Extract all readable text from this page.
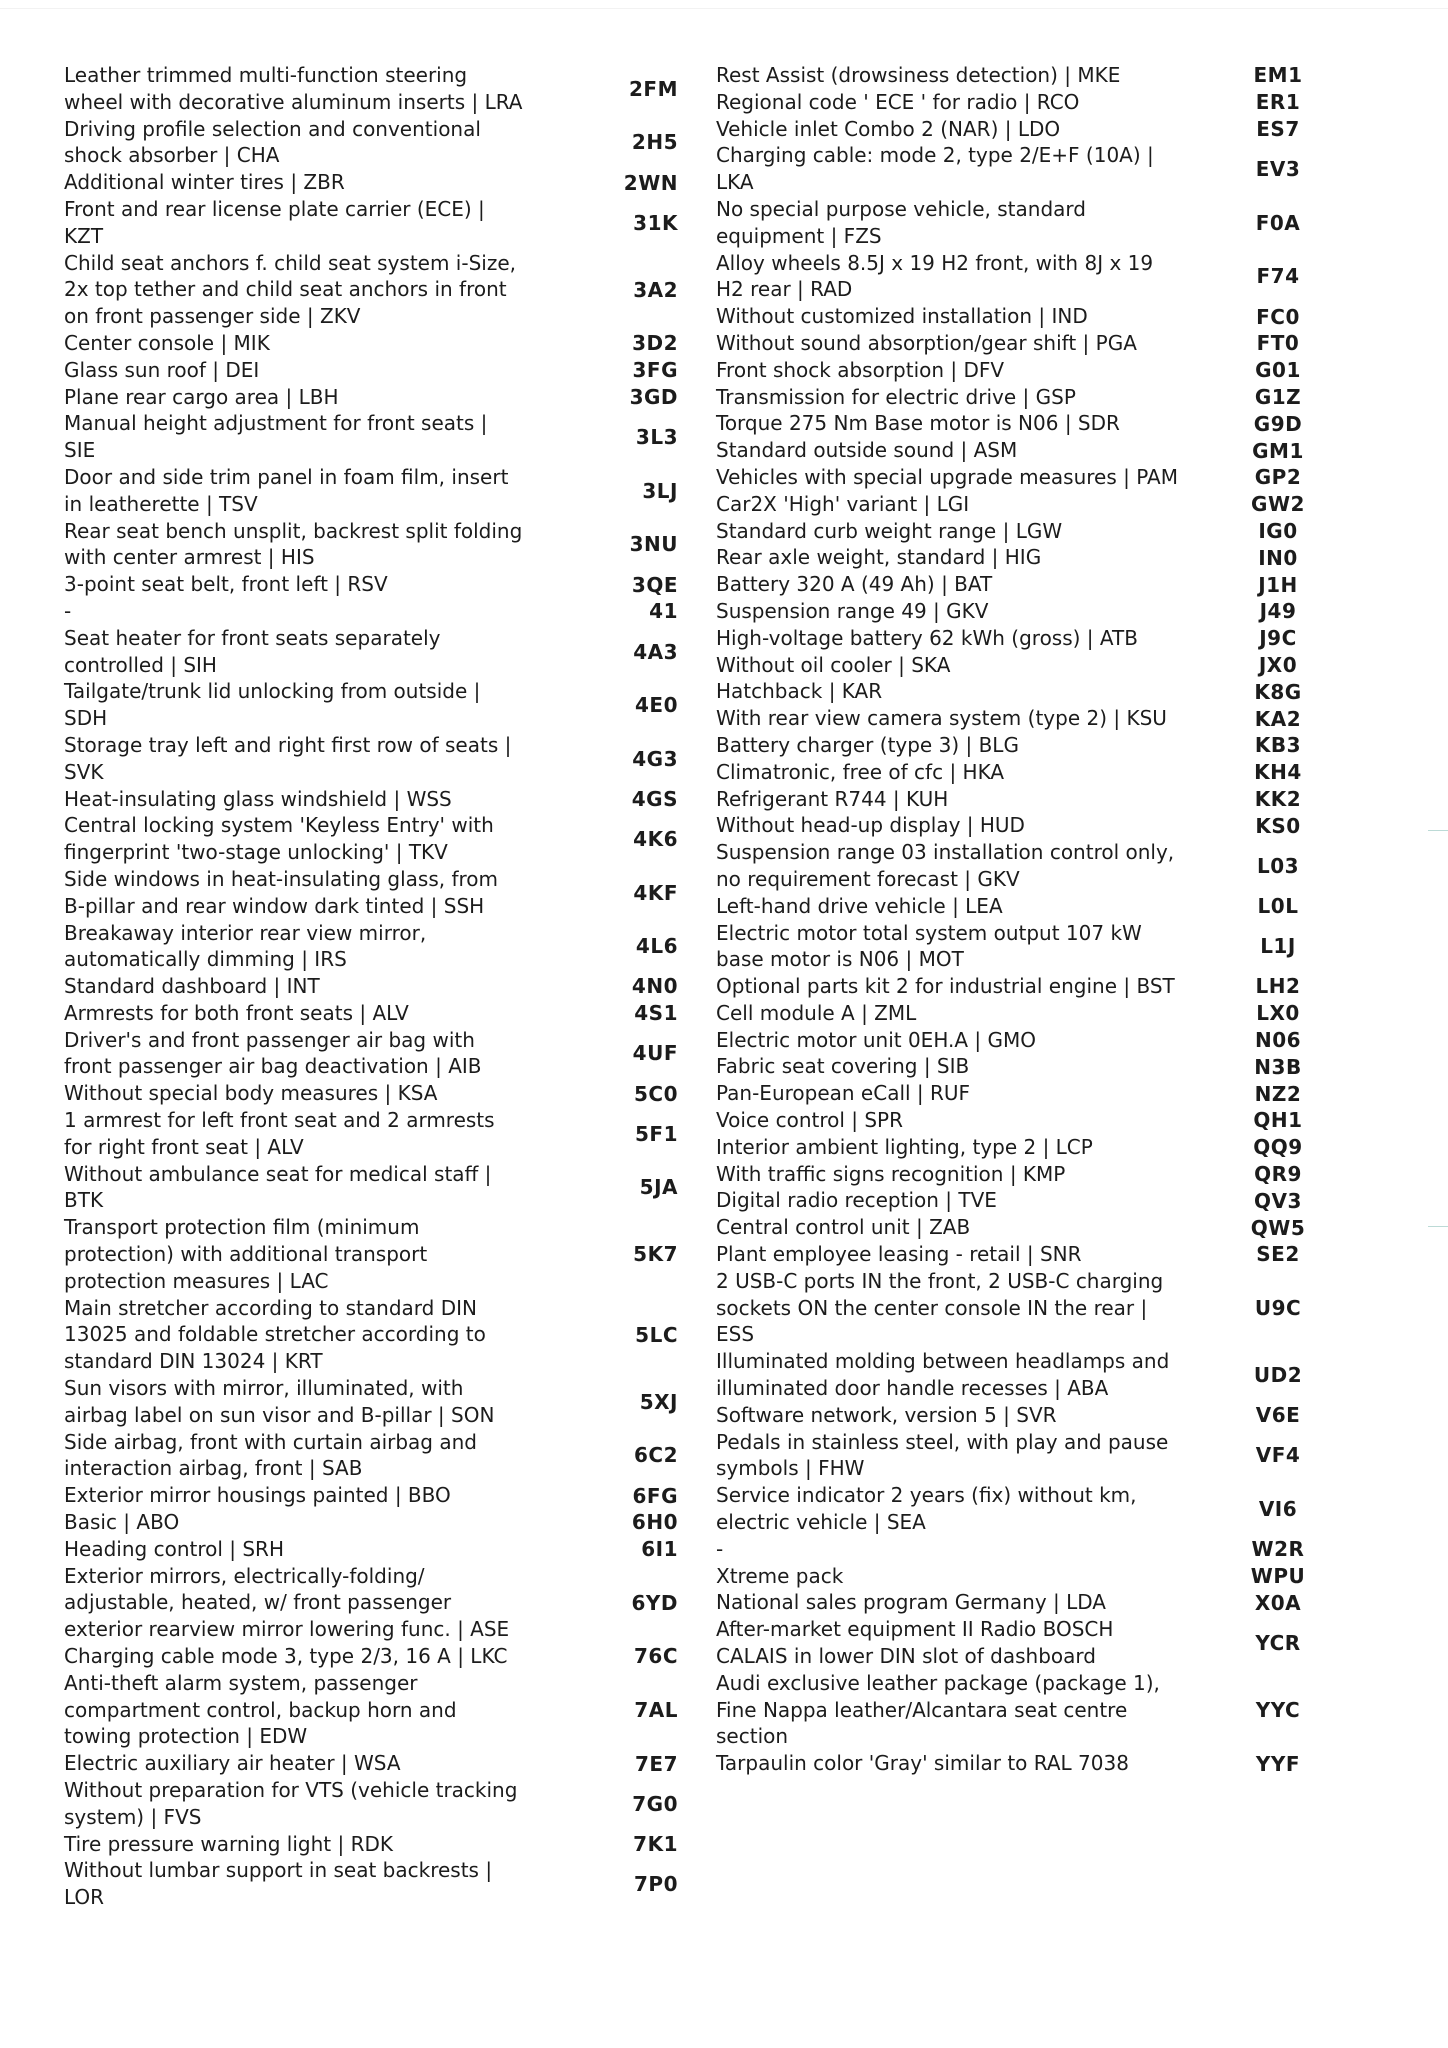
Leather trimmed multi-function steering wheel with decorative aluminum inserts | LRA
2FM
Driving profile selection and conventional shock absorber | CHA
2H5
Additional winter tires | ZBR	2WN
Front and rear license plate carrier (ECE) | KZT
31K
Child seat anchors f. child seat system i-Size, 2x top tether and child seat anchors in front on front passenger side | ZKV
3A2
Center console | MIK	3D2
Glass sun roof | DEI	3FG
Plane rear cargo area | LBH	3GD
Manual height adjustment for front seats | SIE
3L3
Door and side trim panel in foam film, insert in leatherette | TSV
3LJ
Rear seat bench unsplit, backrest split folding with center armrest | HIS
3NU
3-point seat belt, front left | RSV	3QE
-	41
Seat heater for front seats separately controlled | SIH
4A3
Tailgate/trunk lid unlocking from outside | SDH
4E0
Storage tray left and right first row of seats | SVK
4G3
Heat-insulating glass windshield | WSS	4GS
Central locking system 'Keyless Entry' with fingerprint 'two-stage unlocking' | TKV
4K6
Side windows in heat-insulating glass, from B-pillar and rear window dark tinted | SSH
4KF
Breakaway interior rear view mirror, automatically dimming | IRS
4L6
Standard dashboard | INT	4N0
Armrests for both front seats | ALV	4S1
Driver's and front passenger air bag with front passenger air bag deactivation | AIB
4UF
Without special body measures | KSA	5C0
1 armrest for left front seat and 2 armrests for right front seat | ALV
5F1
Without ambulance seat for medical staff | BTK
5JA
Transport protection film (minimum protection) with additional transport protection measures | LAC
5K7
Main stretcher according to standard DIN 13025 and foldable stretcher according to standard DIN 13024 | KRT
5LC
Sun visors with mirror, illuminated, with airbag label on sun visor and B-pillar | SON
5XJ
Side airbag, front with curtain airbag and interaction airbag, front | SAB
6C2
Exterior mirror housings painted | BBO	6FG
Basic | ABO	6H0
Heading control | SRH	6I1
Exterior mirrors, electrically-folding/ adjustable, heated, w/ front passenger exterior rearview mirror lowering func. | ASE
6YD
Charging cable mode 3, type 2/3, 16 A | LKC	76C
Anti-theft alarm system, passenger compartment control, backup horn and towing protection | EDW
7AL
Electric auxiliary air heater | WSA	7E7
Without preparation for VTS (vehicle tracking system) | FVS
7G0
Tire pressure warning light | RDK	7K1
Without lumbar support in seat backrests | LOR
7P0
Rest Assist (drowsiness detection) | MKE	EM1
Regional code ' ECE ' for radio | RCO	ER1
Vehicle inlet Combo 2 (NAR) | LDO	ES7
Charging cable: mode 2, type 2/E+F (10A) | LKA
EV3
No special purpose vehicle, standard equipment | FZS
F0A
Alloy wheels 8.5J x 19 H2 front, with 8J x 19 H2 rear | RAD
F74
Without customized installation | IND	FC0
Without sound absorption/gear shift | PGA	FT0
Front shock absorption | DFV	G01
Transmission for electric drive | GSP	G1Z
Torque 275 Nm Base motor is N06 | SDR	G9D
Standard outside sound | ASM	GM1
Vehicles with special upgrade measures | PAM	GP2
Car2X 'High' variant | LGI	GW2
Standard curb weight range | LGW	IG0
Rear axle weight, standard | HIG	IN0
Battery 320 A (49 Ah) | BAT	J1H
Suspension range 49 | GKV	J49
High-voltage battery 62 kWh (gross) | ATB	J9C
Without oil cooler | SKA	JX0
Hatchback | KAR	K8G
With rear view camera system (type 2) | KSU	KA2
Battery charger (type 3) | BLG	KB3
Climatronic, free of cfc | HKA	KH4
Refrigerant R744 | KUH	KK2
Without head-up display | HUD	KS0
Suspension range 03 installation control only, no requirement forecast | GKV
L03
Left-hand drive vehicle | LEA	L0L
Electric motor total system output 107 kW base motor is N06 | MOT
L1J
Optional parts kit 2 for industrial engine | BST	LH2
Cell module A | ZML	LX0
Electric motor unit 0EH.A | GMO	N06
Fabric seat covering | SIB	N3B
Pan-European eCall | RUF	NZ2
Voice control | SPR	QH1
Interior ambient lighting, type 2 | LCP	QQ9
With traffic signs recognition | KMP	QR9
Digital radio reception | TVE	QV3
Central control unit | ZAB	QW5
Plant employee leasing - retail | SNR	SE2
2 USB-C ports IN the front, 2 USB-C charging sockets ON the center console IN the rear | ESS
U9C
Illuminated molding between headlamps and illuminated door handle recesses | ABA
UD2
Software network, version 5 | SVR	V6E
Pedals in stainless steel, with play and pause symbols | FHW
VF4
Service indicator 2 years (fix) without km, electric vehicle | SEA
VI6
-	W2R
Xtreme pack	WPU
National sales program Germany | LDA	X0A
After-market equipment II Radio BOSCH CALAIS in lower DIN slot of dashboard
YCR
Audi exclusive leather package (package 1), Fine Nappa leather/Alcantara seat centre section
YYC
Tarpaulin color 'Gray' similar to RAL 7038	YYF
